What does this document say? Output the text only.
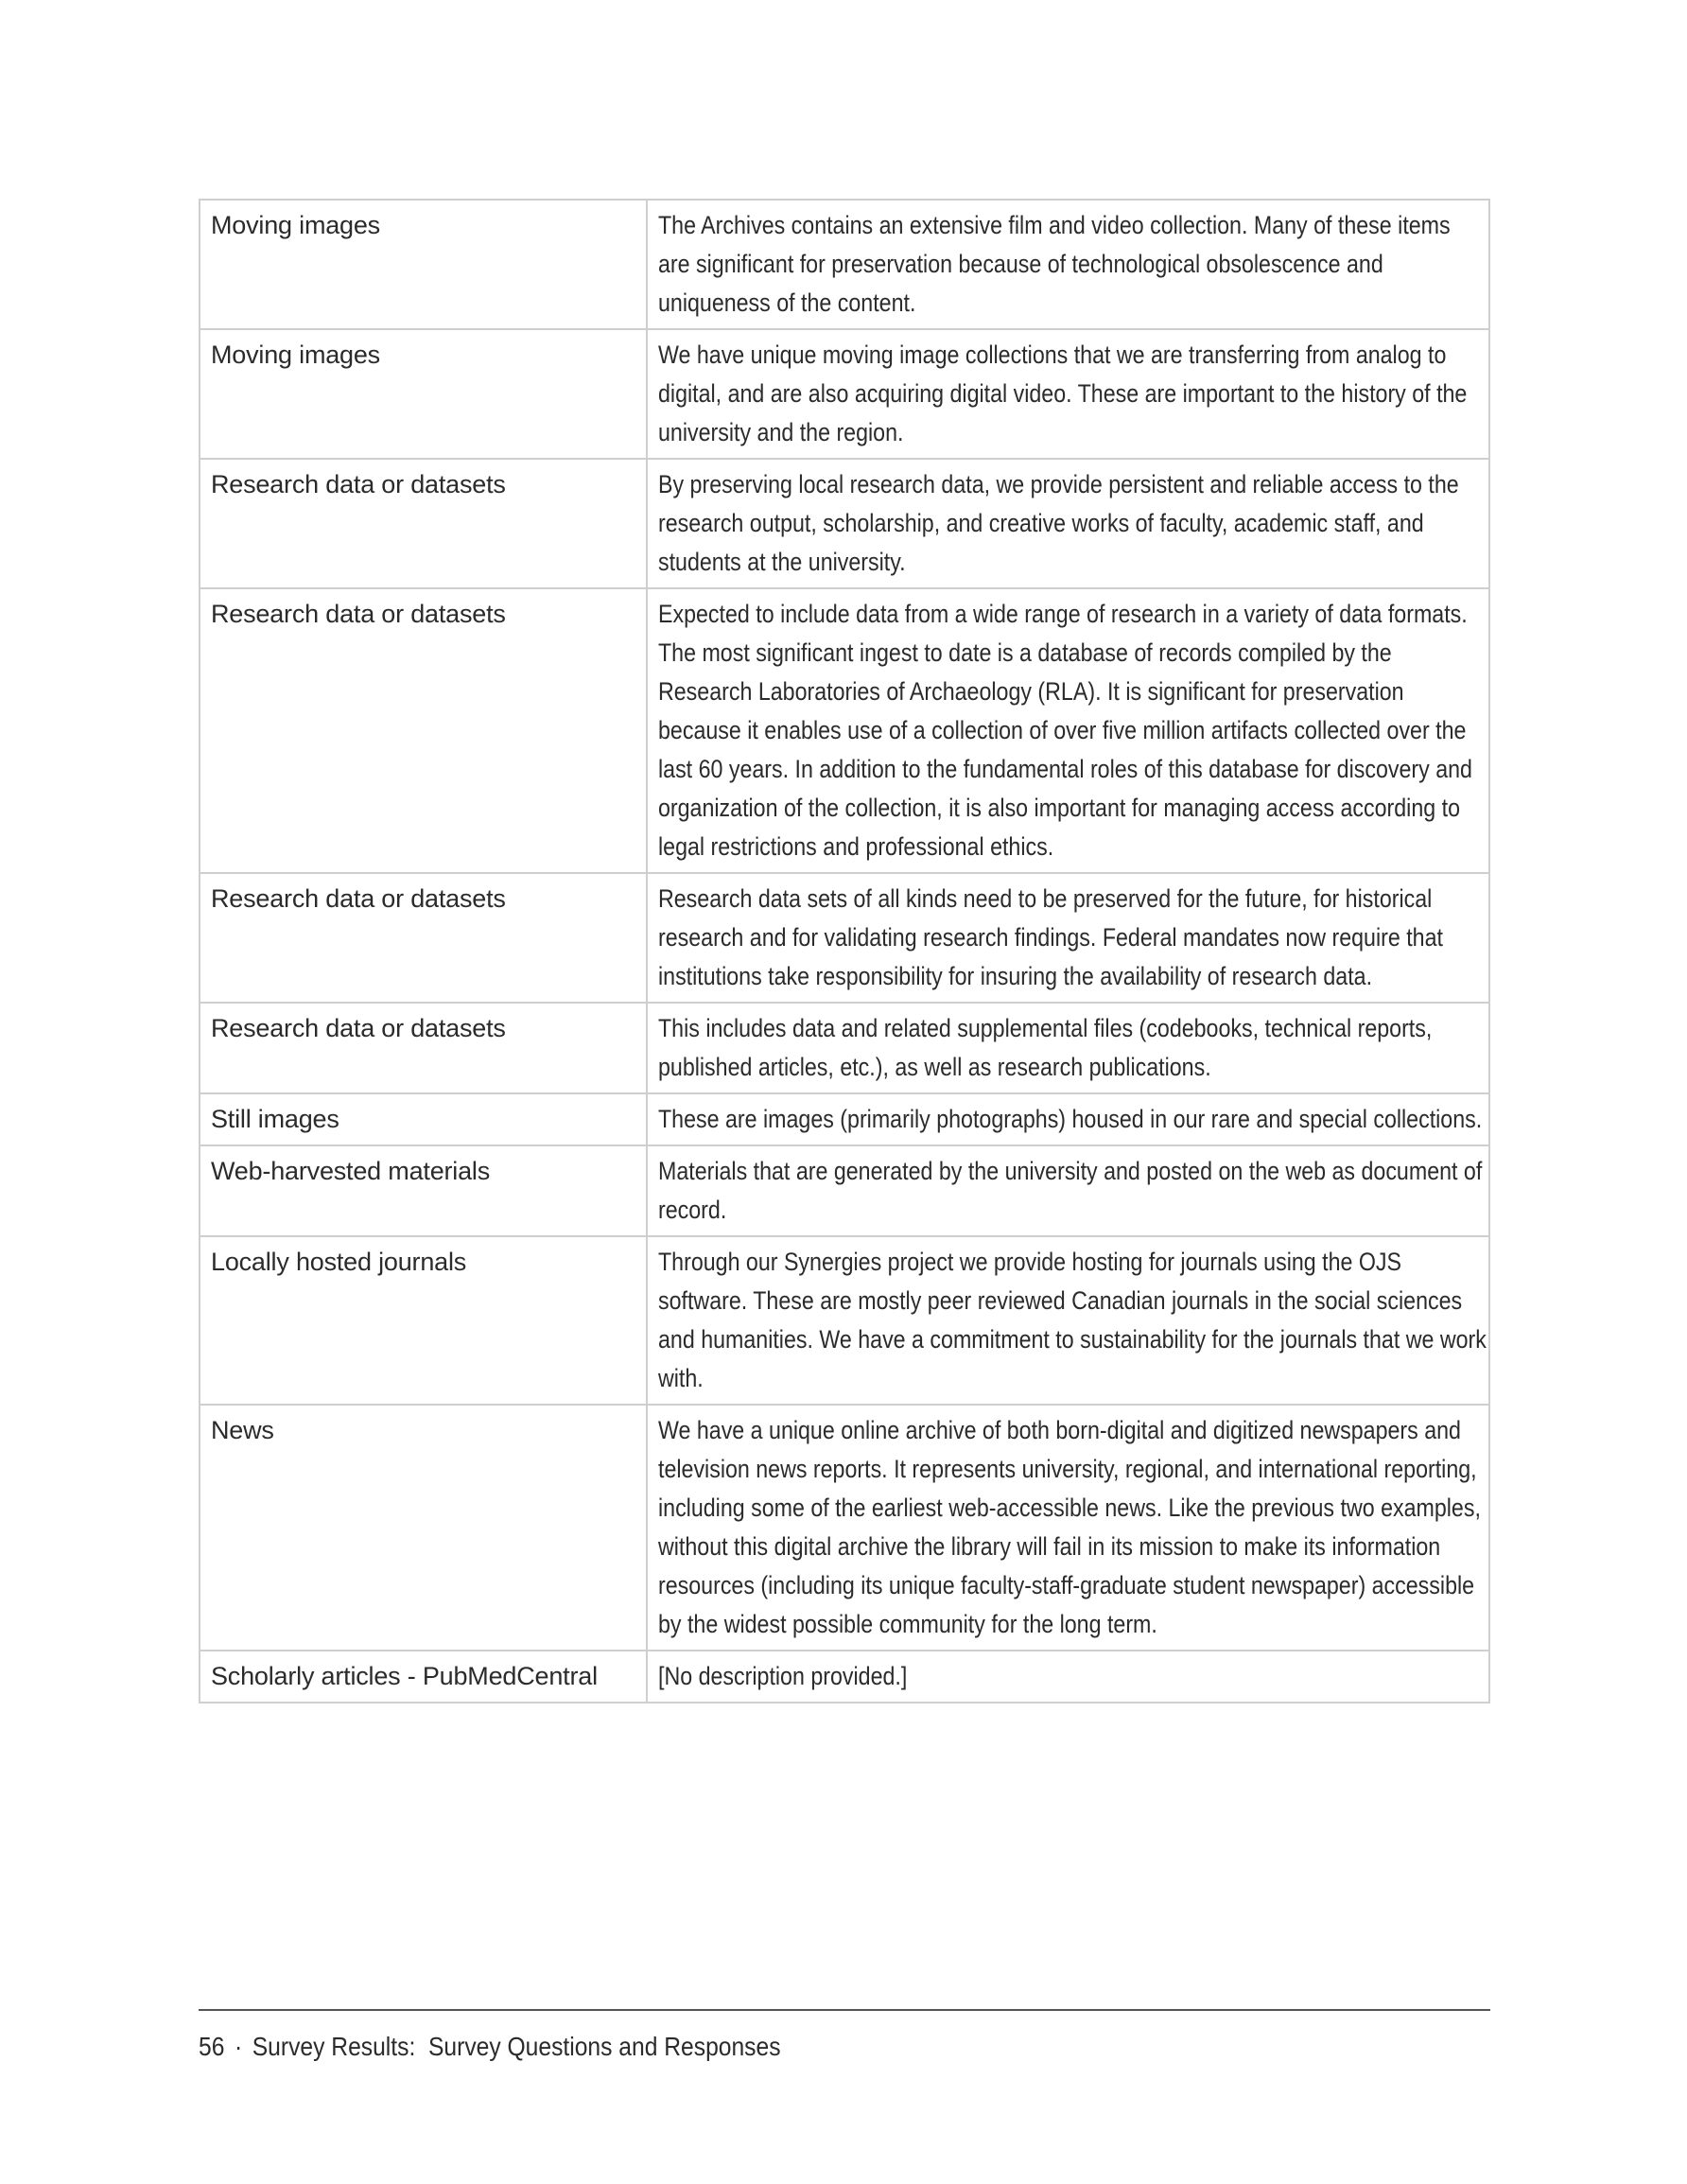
Moving images	The Archives contains an extensive film and video collection. Many of these items are significant for preservation because of technological obsolescence and uniqueness of the content.

Moving images	We have unique moving image collections that we are transferring from analog to digital, and are also acquiring digital video. These are important to the history of the university and the region.

Research data or datasets	By preserving local research data, we provide persistent and reliable access to the research output, scholarship, and creative works of faculty, academic staff, and students at the university.

Research data or datasets	Expected to include data from a wide range of research in a variety of data formats. The most significant ingest to date is a database of records compiled by the Research Laboratories of Archaeology (RLA). It is significant for preservation because it enables use of a collection of over five million artifacts collected over the last 60 years. In addition to the fundamental roles of this database for discovery and organization of the collection, it is also important for managing access according to legal restrictions and professional ethics.

Research data or datasets	Research data sets of all kinds need to be preserved for the future, for historical research and for validating research findings. Federal mandates now require that institutions take responsibility for insuring the availability of research data.

Research data or datasets	This includes data and related supplemental files (codebooks, technical reports, published articles, etc.), as well as research publications.

Still images	These are images (primarily photographs) housed in our rare and special collections.

Web-harvested materials	Materials that are generated by the university and posted on the web as document of record.

Locally hosted journals	Through our Synergies project we provide hosting for journals using the OJS software. These are mostly peer reviewed Canadian journals in the social sciences and humanities. We have a commitment to sustainability for the journals that we work with.

News	We have a unique online archive of both born-digital and digitized newspapers and television news reports. It represents university, regional, and international reporting, including some of the earliest web-accessible news. Like the previous two examples, without this digital archive the library will fail in its mission to make its information resources (including its unique faculty-staff-graduate student newspaper) accessible by the widest possible community for the long term.

Scholarly articles - PubMedCentral	[No description provided.]
56 · Survey Results:  Survey Questions and Responses
